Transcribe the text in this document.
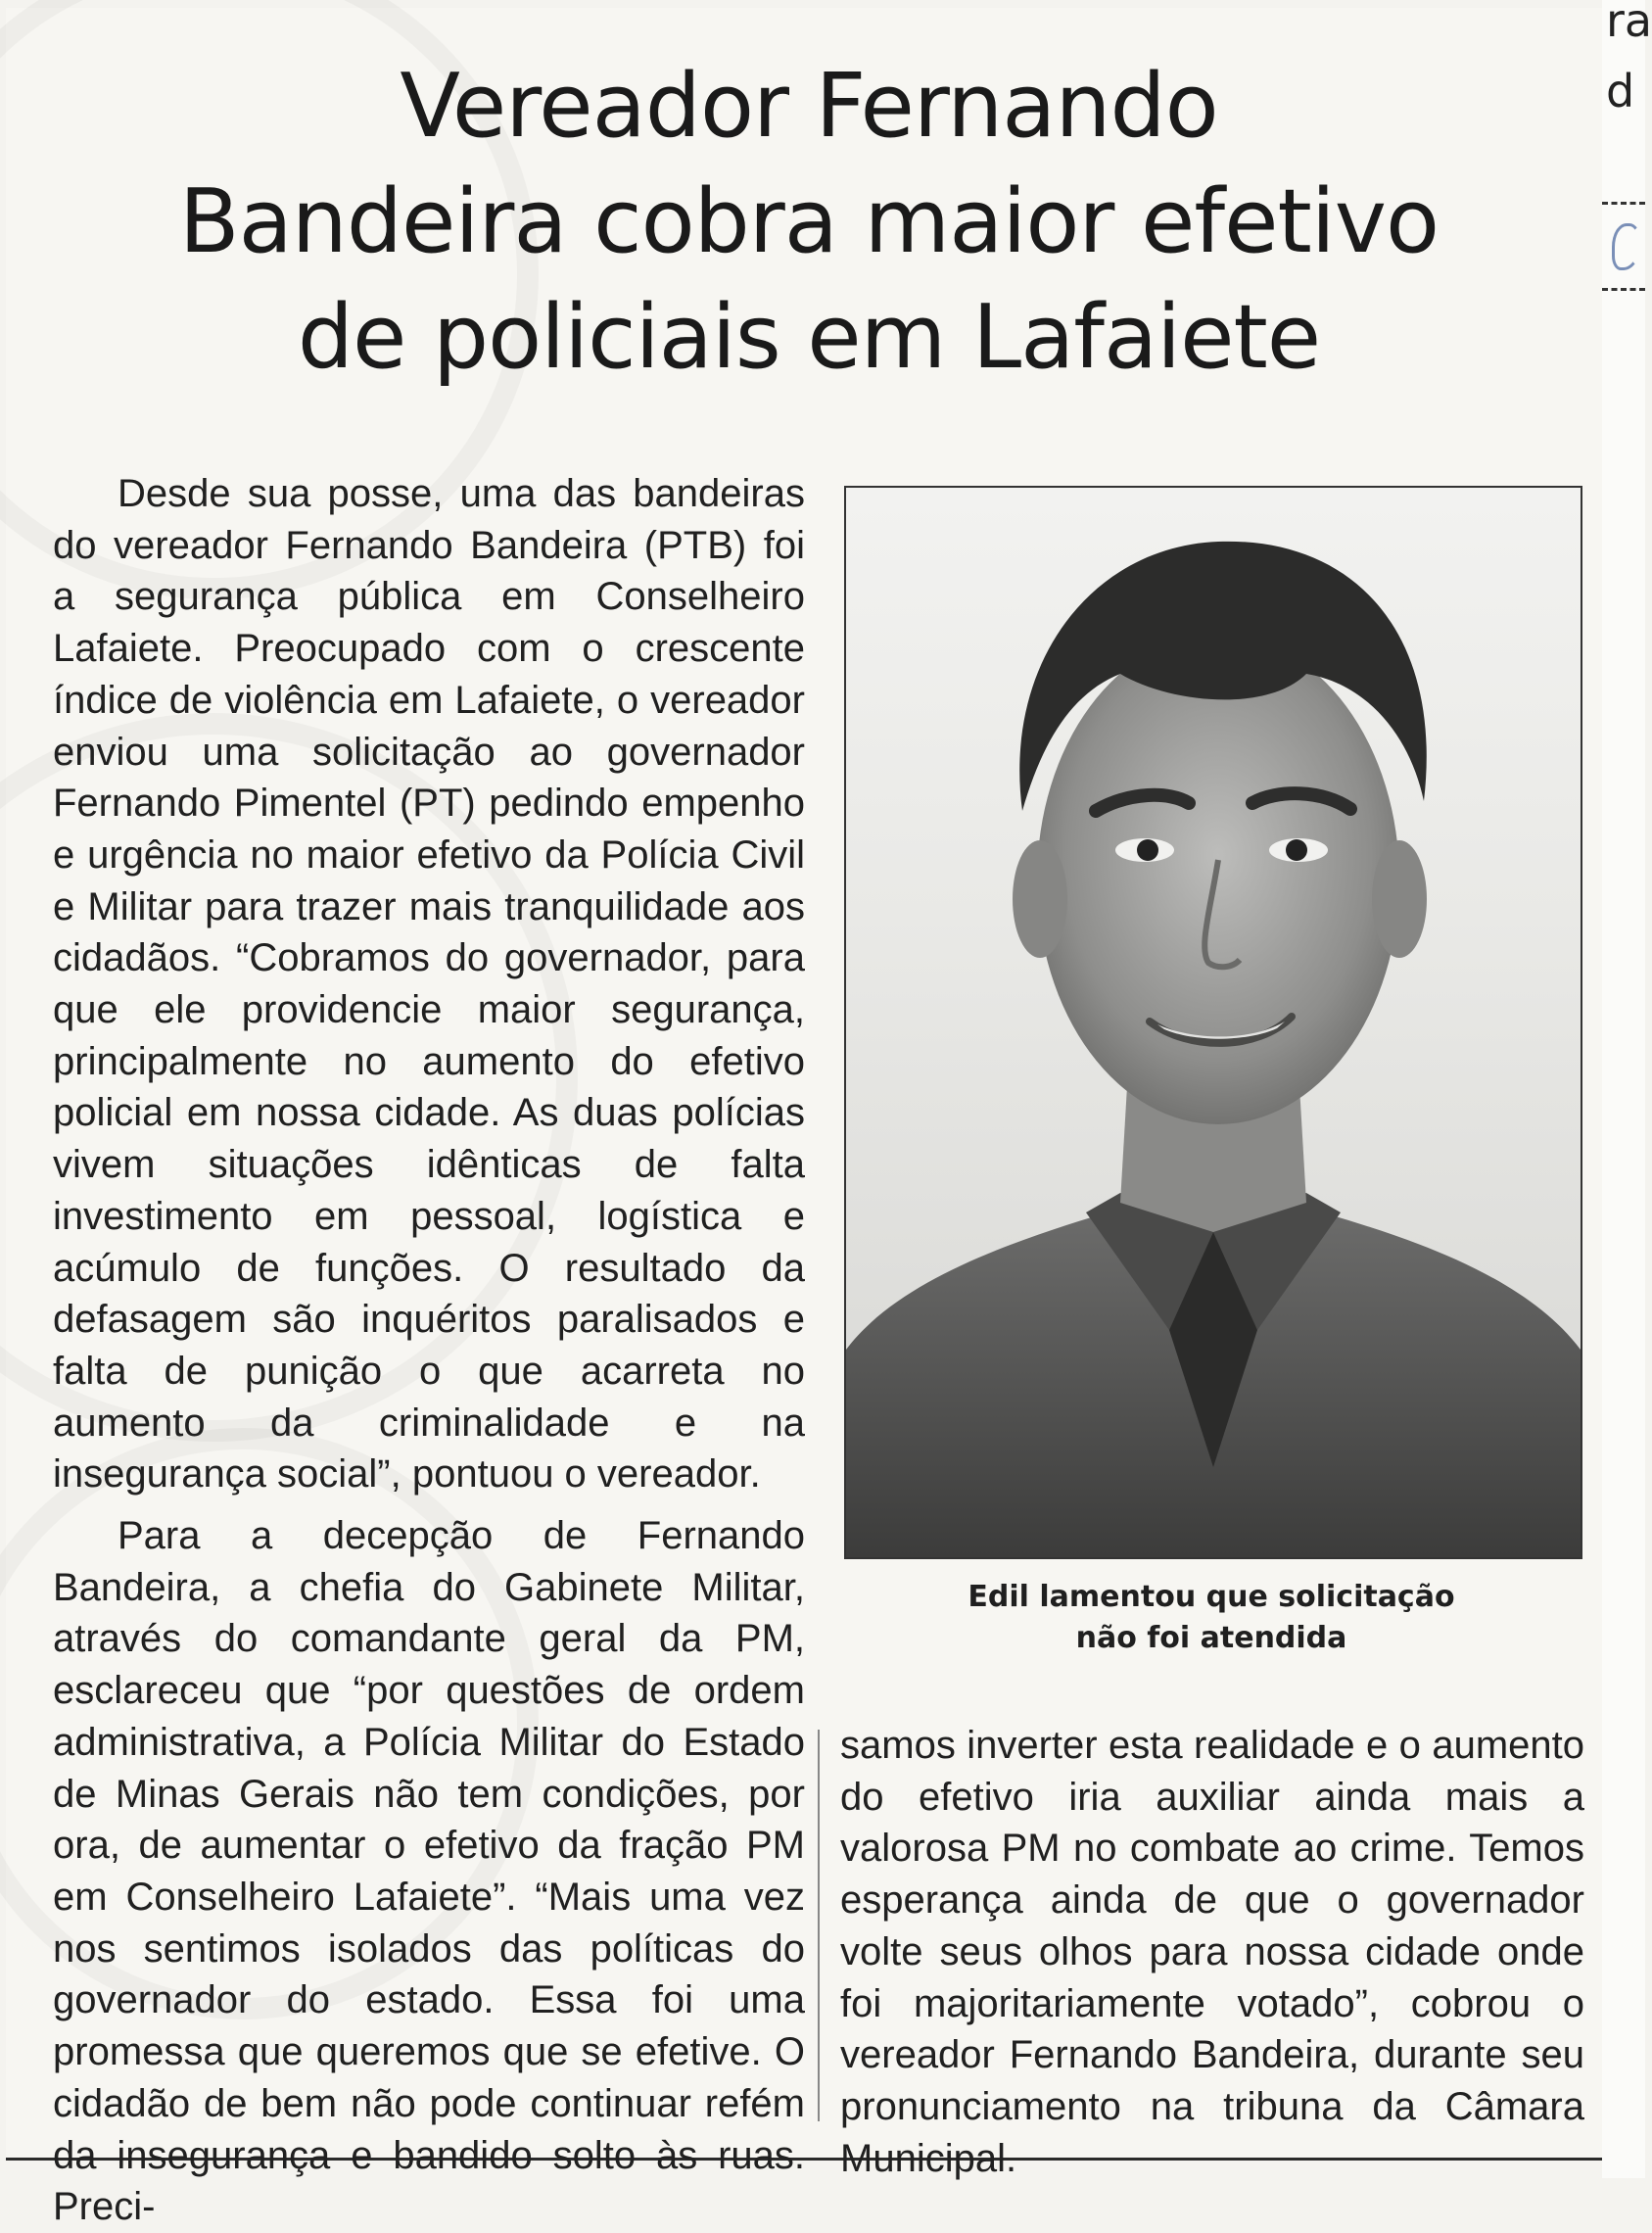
Vereador Fernando
Bandeira cobra maior efetivo
de policiais em Lafaiete

Desde sua posse, uma das bandeiras do vereador Fernando Bandeira (PTB) foi a segurança pública em Conselheiro Lafaiete. Preocupado com o crescente índice de violência em Lafaiete, o vereador enviou uma solicitação ao governador Fernando Pimentel (PT) pedindo empenho e urgência no maior efetivo da Polícia Civil e Militar para trazer mais tranquilidade aos cidadãos. “Cobramos do governador, para que ele providencie maior segurança, principalmente no aumento do efetivo policial em nossa cidade. As duas polícias vivem situações idênticas de falta investimento em pessoal, logística e acúmulo de funções. O resultado da defasagem são inquéritos paralisados e falta de punição o que acarreta no aumento da criminalidade e na insegurança social”, pontuou o vereador.

Para a decepção de Fernando Bandeira, a chefia do Gabinete Militar, através do comandante geral da PM, esclareceu que “por questões de ordem administrativa, a Polícia Militar do Estado de Minas Gerais não tem condições, por ora, de aumentar o efetivo da fração PM em Conselheiro Lafaiete”. “Mais uma vez nos sentimos isolados das políticas do governador do estado. Essa foi uma promessa que queremos que se efetive. O cidadão de bem não pode continuar refém da insegurança e bandido solto às ruas. Preci-

Edil lamentou que solicitação
não foi atendida

samos inverter esta realidade e o aumento do efetivo iria auxiliar ainda mais a valorosa PM no combate ao crime. Temos esperança ainda de que o governador volte seus olhos para nossa cidade onde foi majoritariamente votado”, cobrou o vereador Fernando Bandeira, durante seu pronunciamento na tribuna da Câmara Municipal.

ra
d
